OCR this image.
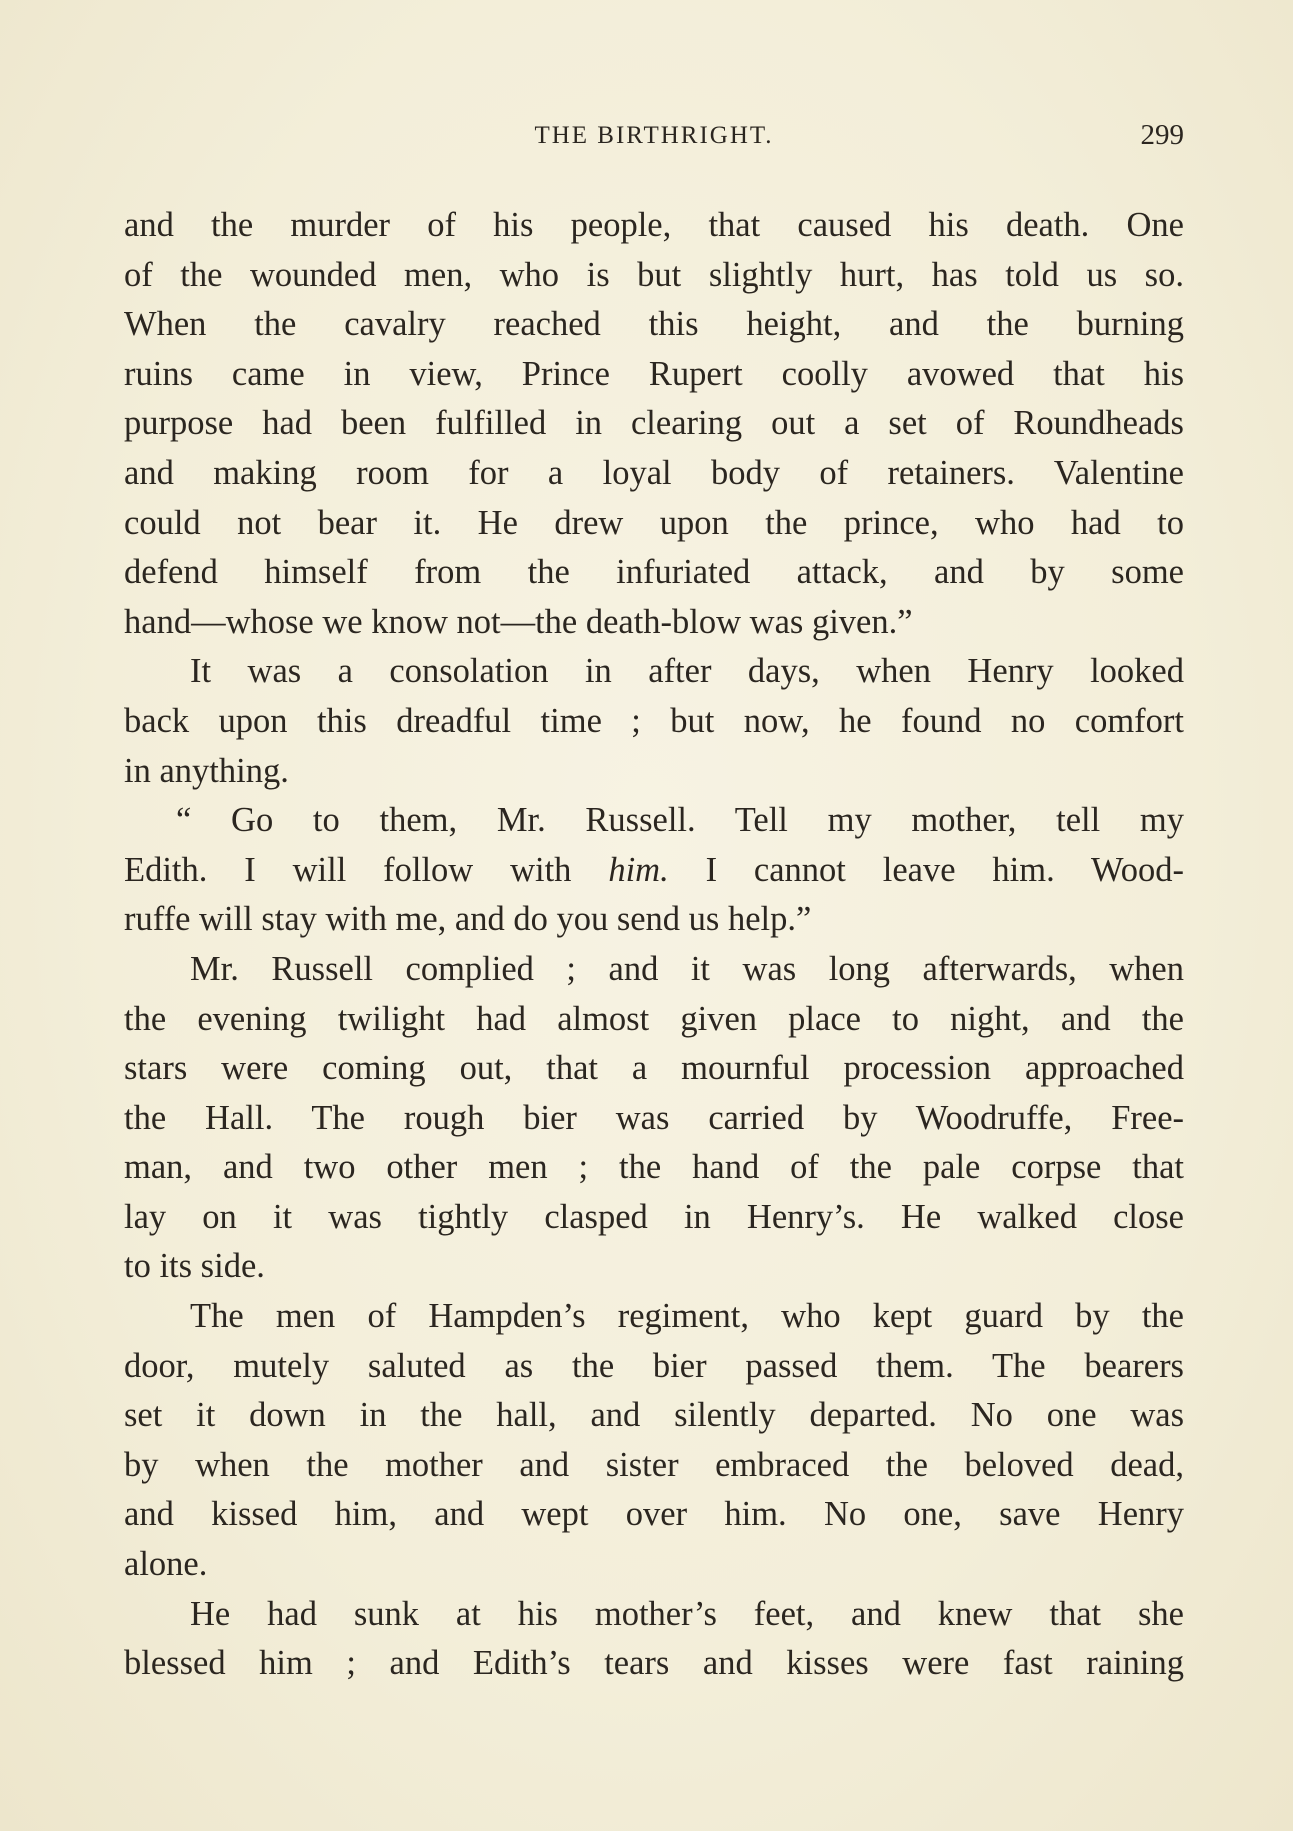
THE BIRTHRIGHT.	299
and the murder of his people, that caused his death. One
of the wounded men, who is but slightly hurt, has told us so.
When the cavalry reached this height, and the burning
ruins came in view, Prince Rupert coolly avowed that his
purpose had been fulfilled in clearing out a set of Roundheads
and making room for a loyal body of retainers. Valentine
could not bear it. He drew upon the prince, who had to
defend himself from the infuriated attack, and by some
hand—whose we know not—the death-blow was given.”
It was a consolation in after days, when Henry looked
back upon this dreadful time ; but now, he found no comfort
in anything.
“ Go to them, Mr. Russell. Tell my mother, tell my
Edith. I will follow with him. I cannot leave him. Wood-
ruffe will stay with me, and do you send us help.”
Mr. Russell complied ; and it was long afterwards, when
the evening twilight had almost given place to night, and the
stars were coming out, that a mournful procession approached
the Hall. The rough bier was carried by Woodruffe, Free-
man, and two other men ; the hand of the pale corpse that
lay on it was tightly clasped in Henry’s. He walked close
to its side.
The men of Hampden’s regiment, who kept guard by the
door, mutely saluted as the bier passed them. The bearers
set it down in the hall, and silently departed. No one was
by when the mother and sister embraced the beloved dead,
and kissed him, and wept over him. No one, save Henry
alone.
He had sunk at his mother’s feet, and knew that she
blessed him ; and Edith’s tears and kisses were fast raining
